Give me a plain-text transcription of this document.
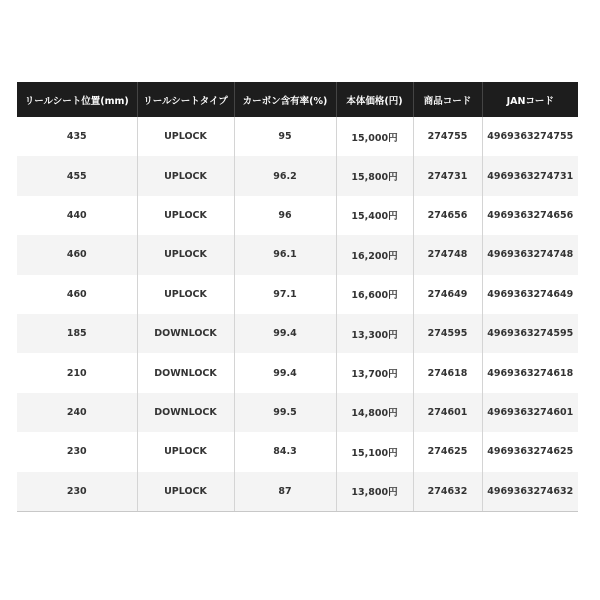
リールシート位置(mm)	リールシートタイプ	カーボン含有率(%)	本体価格(円)	商品コード	JANコード
435	UPLOCK	95	15,000円	274755	4969363274755
455	UPLOCK	96.2	15,800円	274731	4969363274731
440	UPLOCK	96	15,400円	274656	4969363274656
460	UPLOCK	96.1	16,200円	274748	4969363274748
460	UPLOCK	97.1	16,600円	274649	4969363274649
185	DOWNLOCK	99.4	13,300円	274595	4969363274595
210	DOWNLOCK	99.4	13,700円	274618	4969363274618
240	DOWNLOCK	99.5	14,800円	274601	4969363274601
230	UPLOCK	84.3	15,100円	274625	4969363274625
230	UPLOCK	87	13,800円	274632	4969363274632
